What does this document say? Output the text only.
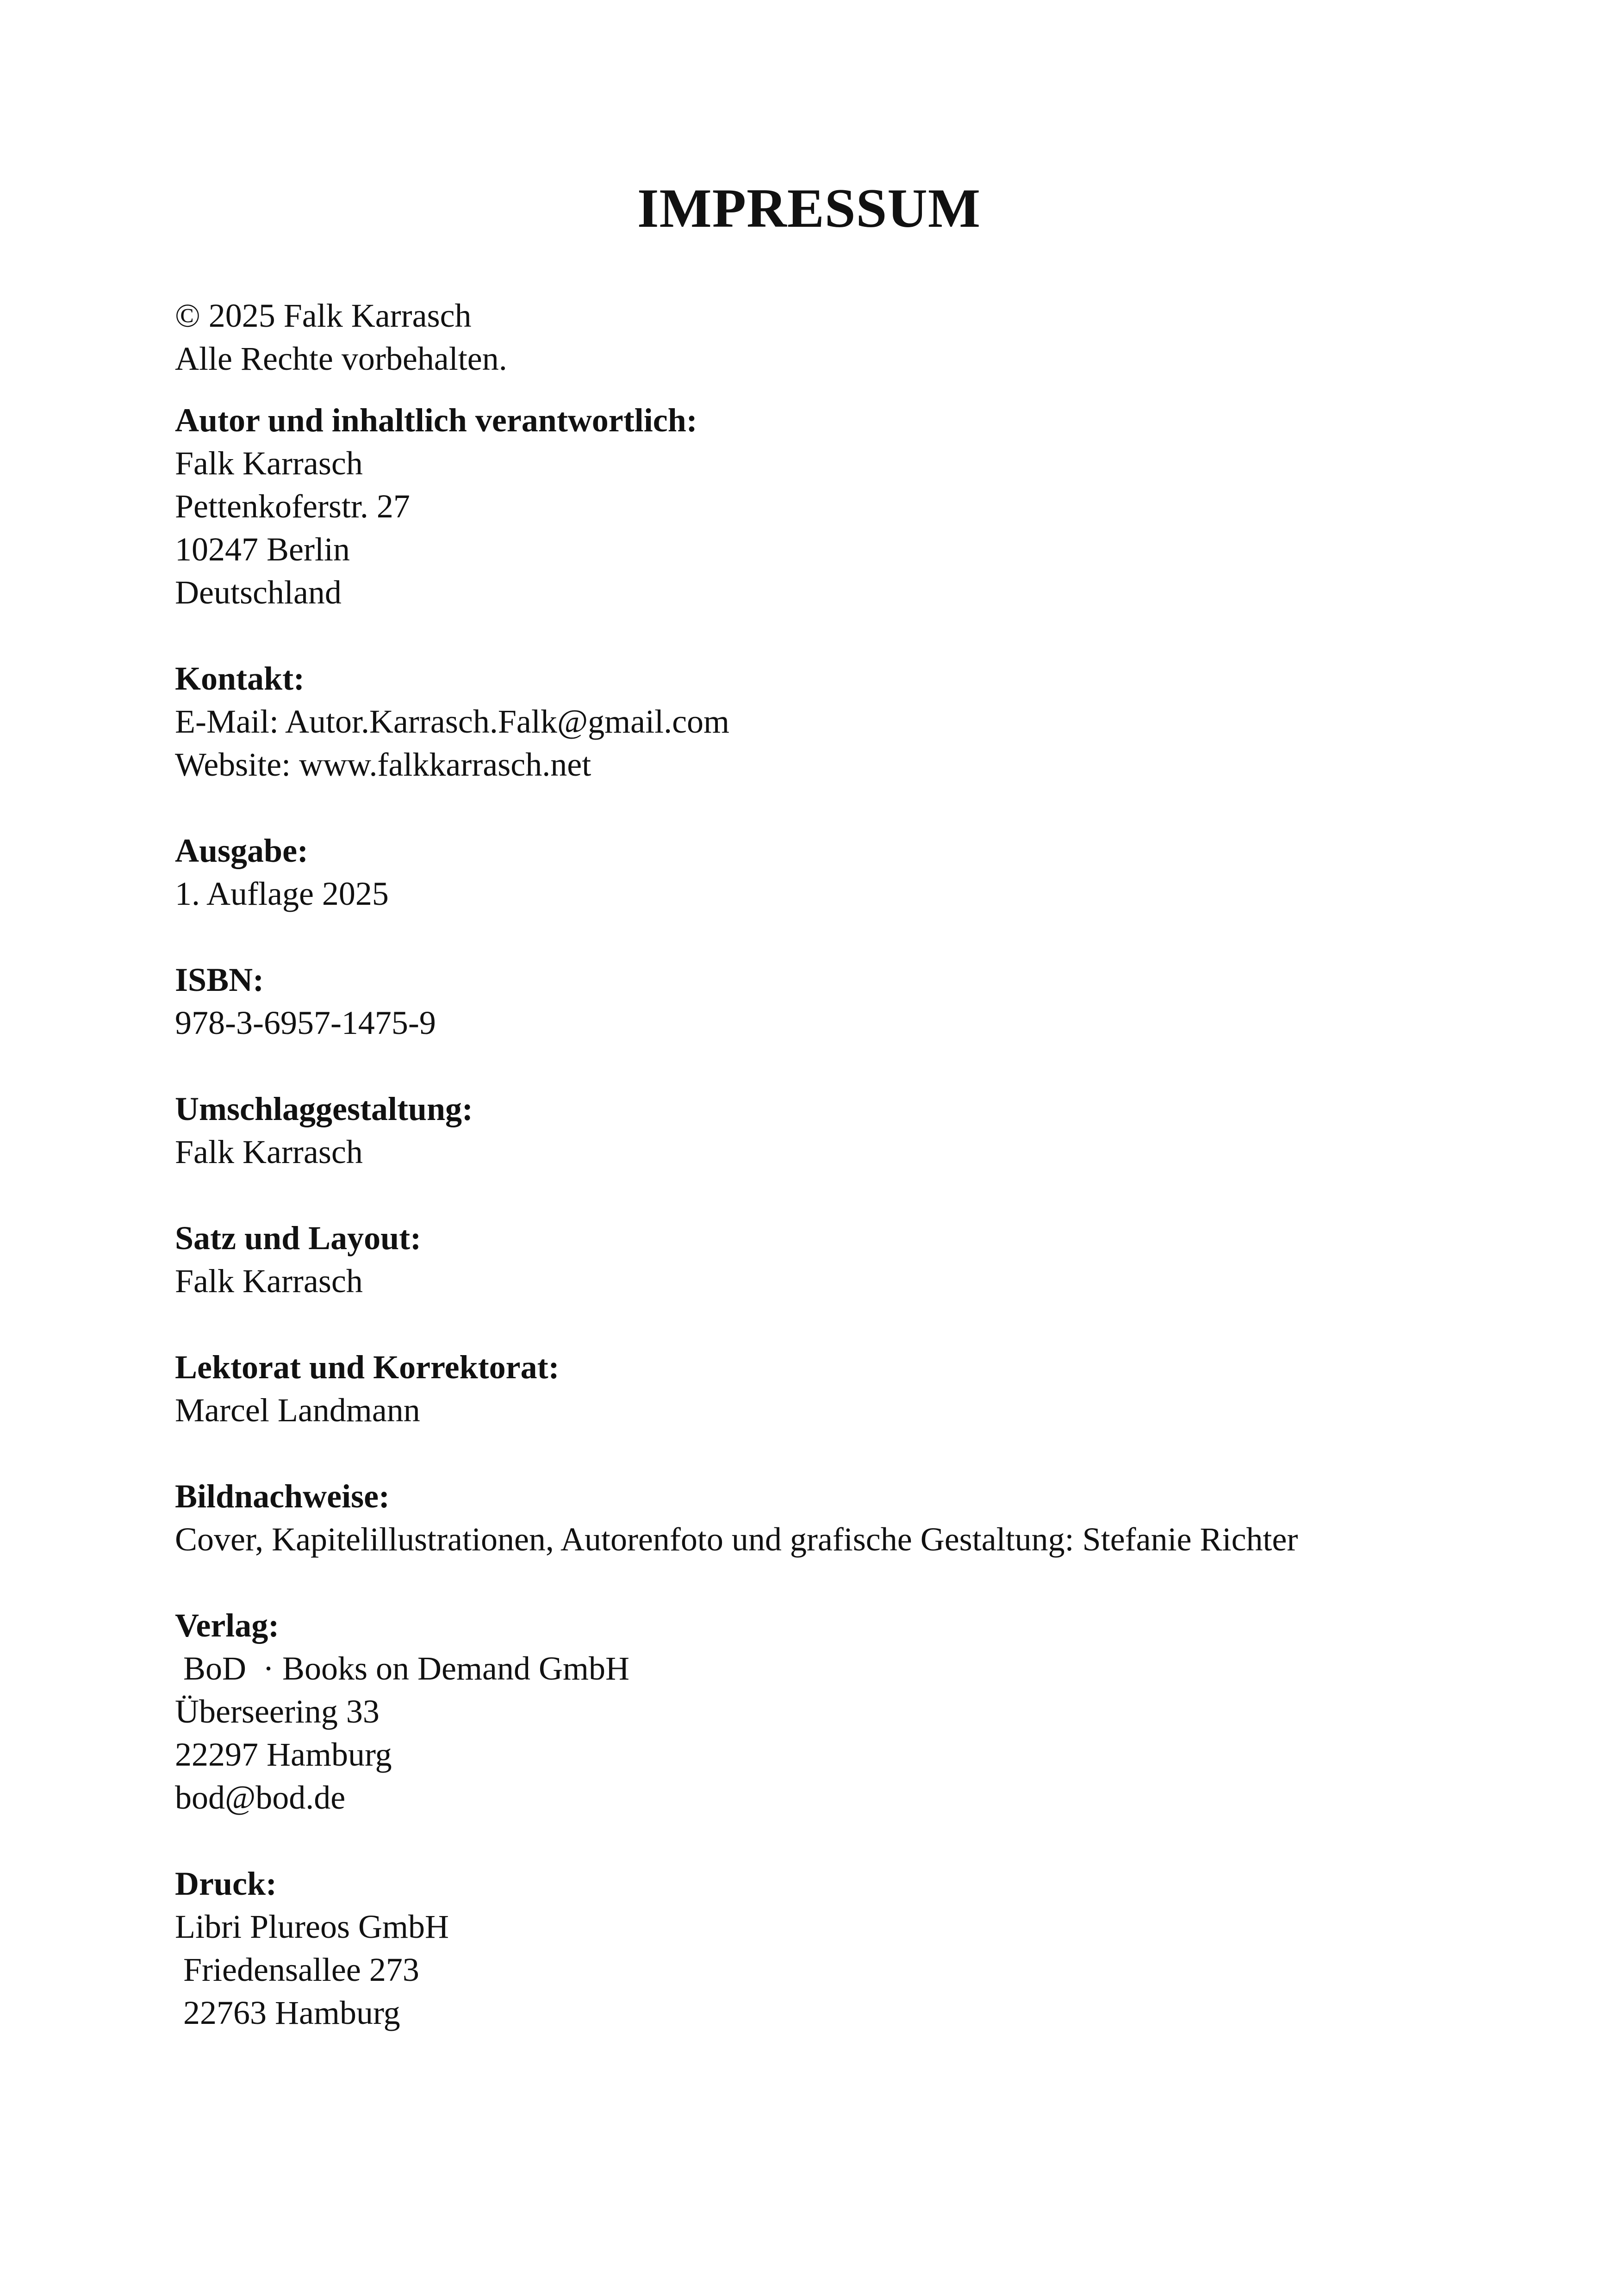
IMPRESSUM
© 2025 Falk Karrasch
Alle Rechte vorbehalten.
Autor und inhaltlich verantwortlich:
Falk Karrasch
Pettenkoferstr. 27
10247 Berlin
Deutschland
Kontakt:
E-Mail: Autor.Karrasch.Falk@gmail.com
Website: www.falkkarrasch.net
Ausgabe:
1. Auflage 2025
ISBN:
978-3-6957-1475-9
Umschlaggestaltung:
Falk Karrasch
Satz und Layout:
Falk Karrasch
Lektorat und Korrektorat:
Marcel Landmann
Bildnachweise:
Cover, Kapitelillustrationen, Autorenfoto und grafische Gestaltung: Stefanie Richter
Verlag:
BoD  · Books on Demand GmbH
Überseering 33
22297 Hamburg
bod@bod.de
Druck:
Libri Plureos GmbH
Friedensallee 273
22763 Hamburg
